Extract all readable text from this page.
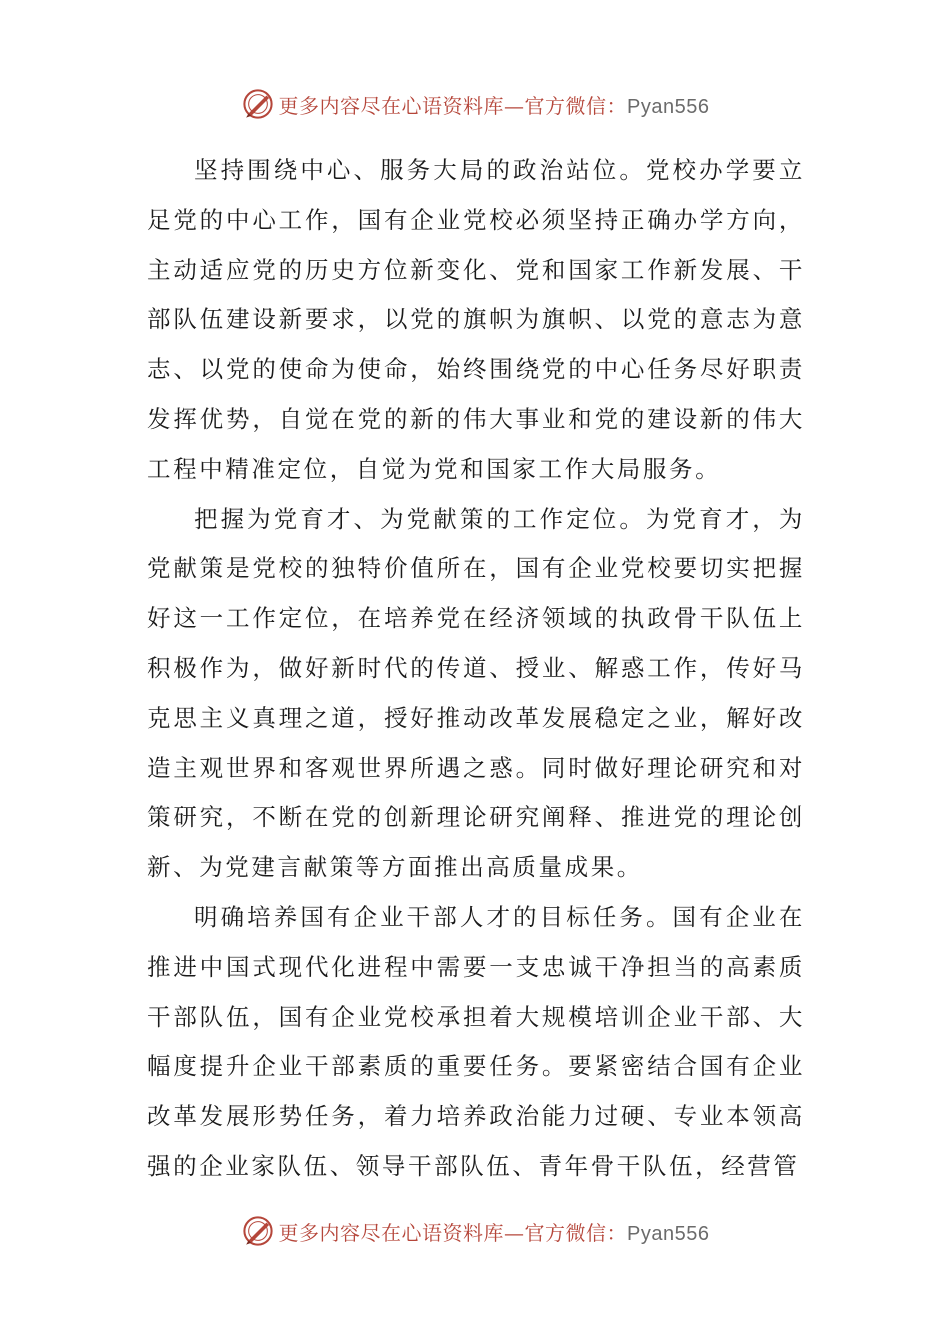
更多内容尽在心语资料库—官方微信：Pyan556

坚持围绕中心、服务大局的政治站位。党校办学要立足党的中心工作，国有企业党校必须坚持正确办学方向，主动适应党的历史方位新变化、党和国家工作新发展、干部队伍建设新要求，以党的旗帜为旗帜、以党的意志为意志、以党的使命为使命，始终围绕党的中心任务尽好职责发挥优势，自觉在党的新的伟大事业和党的建设新的伟大工程中精准定位，自觉为党和国家工作大局服务。

把握为党育才、为党献策的工作定位。为党育才，为党献策是党校的独特价值所在，国有企业党校要切实把握好这一工作定位，在培养党在经济领域的执政骨干队伍上积极作为，做好新时代的传道、授业、解惑工作，传好马克思主义真理之道，授好推动改革发展稳定之业，解好改造主观世界和客观世界所遇之惑。同时做好理论研究和对策研究，不断在党的创新理论研究阐释、推进党的理论创新、为党建言献策等方面推出高质量成果。

明确培养国有企业干部人才的目标任务。国有企业在推进中国式现代化进程中需要一支忠诚干净担当的高素质干部队伍，国有企业党校承担着大规模培训企业干部、大幅度提升企业干部素质的重要任务。要紧密结合国有企业改革发展形势任务，着力培养政治能力过硬、专业本领高强的企业家队伍、领导干部队伍、青年骨干队伍，经营管

更多内容尽在心语资料库—官方微信：Pyan556
